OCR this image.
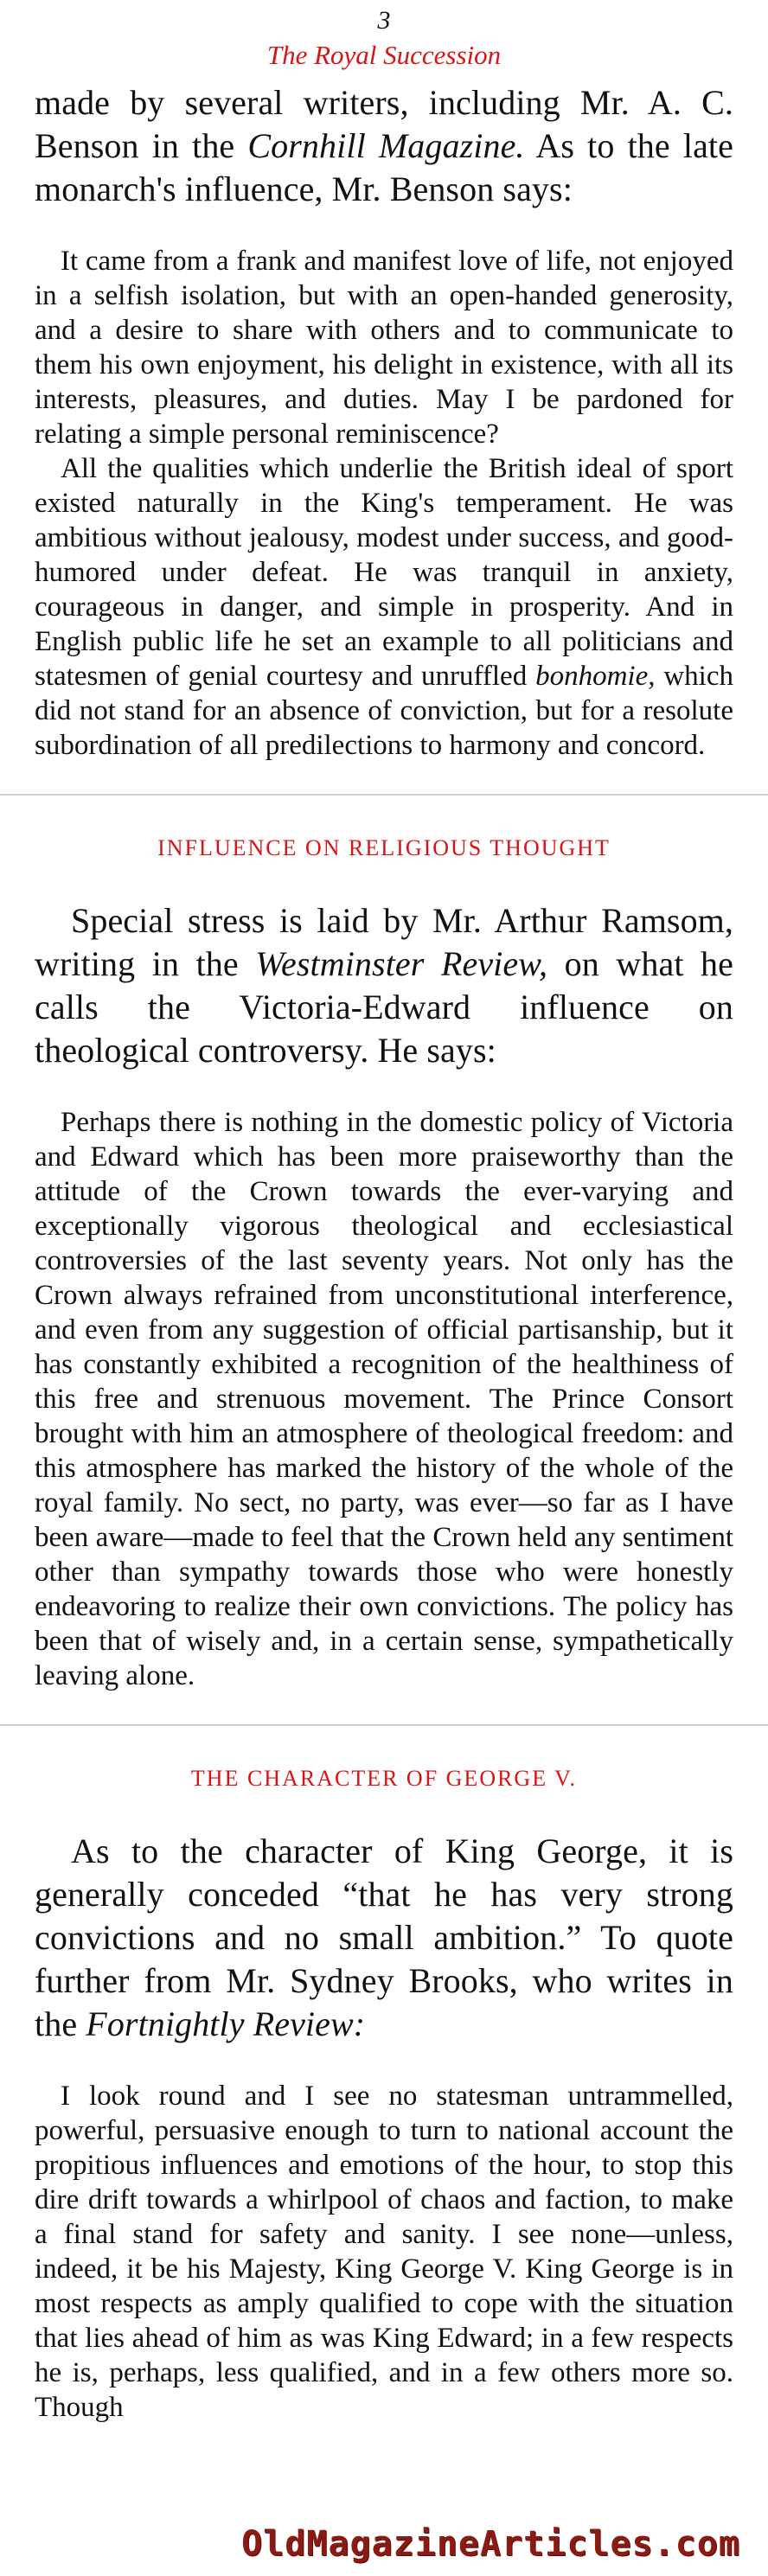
3
The Royal Succession

made by several writers, including Mr. A. C. Benson in the Cornhill Magazine. As to the late monarch's influence, Mr. Benson says:

It came from a frank and manifest love of life, not enjoyed in a selfish isolation, but with an open-handed generosity, and a desire to share with others and to communicate to them his own enjoyment, his delight in existence, with all its interests, pleasures, and duties. May I be pardoned for relating a simple personal reminiscence?

All the qualities which underlie the British ideal of sport existed naturally in the King's temperament. He was ambitious without jealousy, modest under success, and good-humored under defeat. He was tranquil in anxiety, courageous in danger, and simple in prosperity. And in English public life he set an example to all politicians and statesmen of genial courtesy and unruffled bonhomie, which did not stand for an absence of conviction, but for a resolute subordination of all predilections to harmony and concord.

INFLUENCE ON RELIGIOUS THOUGHT

Special stress is laid by Mr. Arthur Ramsom, writing in the Westminster Review, on what he calls the Victoria-Edward influence on theological controversy. He says:

Perhaps there is nothing in the domestic policy of Victoria and Edward which has been more praiseworthy than the attitude of the Crown towards the ever-varying and exceptionally vigorous theological and ecclesiastical controversies of the last seventy years. Not only has the Crown always refrained from unconstitutional interference, and even from any suggestion of official partisanship, but it has constantly exhibited a recognition of the healthiness of this free and strenuous movement. The Prince Consort brought with him an atmosphere of theological freedom: and this atmosphere has marked the history of the whole of the royal family. No sect, no party, was ever—so far as I have been aware—made to feel that the Crown held any sentiment other than sympathy towards those who were honestly endeavoring to realize their own convictions. The policy has been that of wisely and, in a certain sense, sympathetically leaving alone.

THE CHARACTER OF GEORGE V.

As to the character of King George, it is generally conceded “that he has very strong convictions and no small ambition.” To quote further from Mr. Sydney Brooks, who writes in the Fortnightly Review:

I look round and I see no statesman untrammelled, powerful, persuasive enough to turn to national account the propitious influences and emotions of the hour, to stop this dire drift towards a whirlpool of chaos and faction, to make a final stand for safety and sanity. I see none—unless, indeed, it be his Majesty, King George V. King George is in most respects as amply qualified to cope with the situation that lies ahead of him as was King Edward; in a few respects he is, perhaps, less qualified, and in a few others more so. Though

OldMagazineArticles.com
